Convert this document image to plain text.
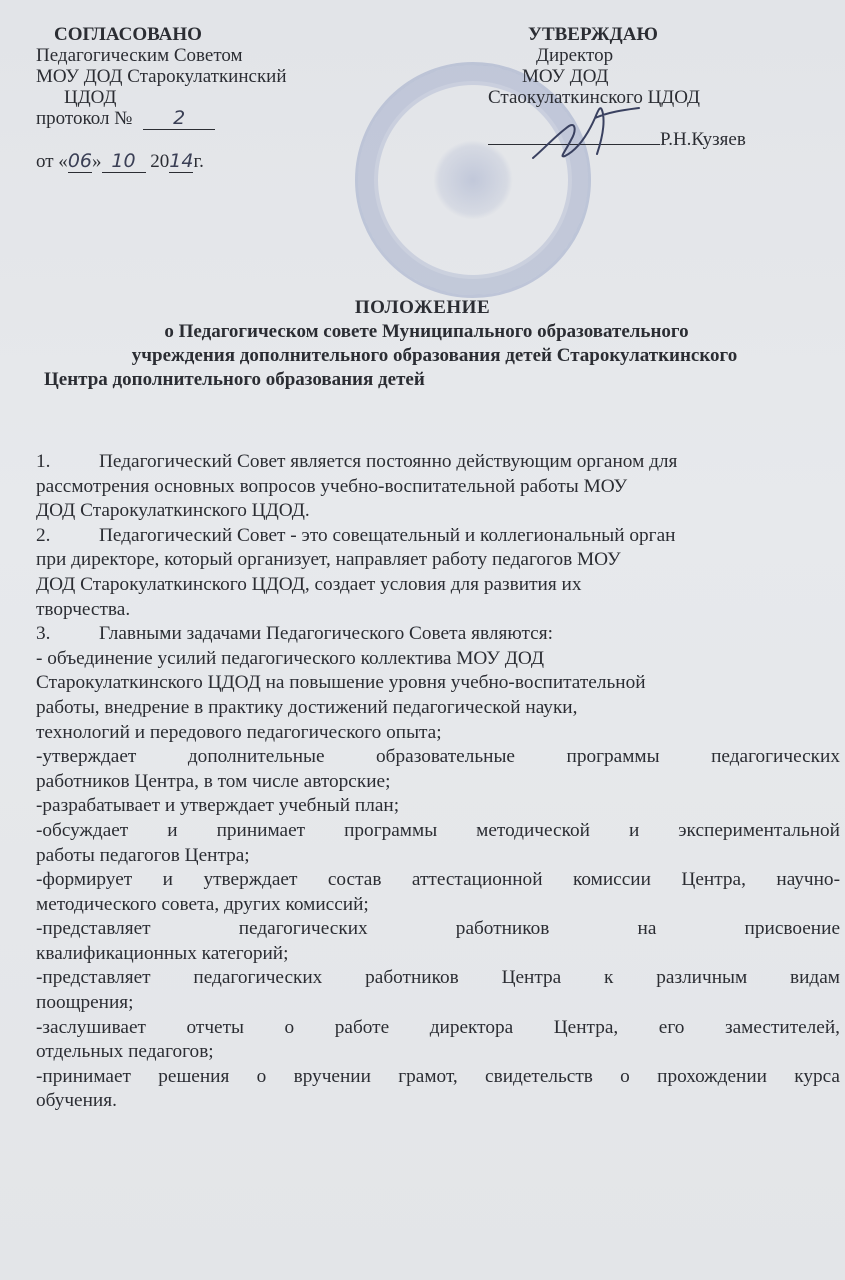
СОГЛАСОВАНО
Педагогическим Советом
МОУ ДОД Старокулаткинский
ЦДОД
протокол № 2
от «06» 10 2014г.
УТВЕРЖДАЮ
Директор
МОУ ДОД
Стаокулаткинского ЦДОД
Р.Н.Кузяев
ПОЛОЖЕНИЕ
о Педагогическом совете Муниципального образовательного
учреждения дополнительного образования детей Старокулаткинского
Центра дополнительного образования детей

1.	Педагогический Совет является постоянно действующим органом для

рассмотрения основных вопросов учебно-воспитательной работы МОУ

ДОД Старокулаткинского ЦДОД.

2.	Педагогический Совет - это совещательный и коллегиональный орган

при директоре, который организует, направляет работу педагогов МОУ

ДОД Старокулаткинского ЦДОД, создает условия для развития их

творчества.

3.	Главными задачами Педагогического Совета являются:

- объединение усилий педагогического коллектива МОУ ДОД

Старокулаткинского ЦДОД на повышение уровня учебно-воспитательной

работы, внедрение в практику достижений педагогической науки,

технологий и передового педагогического опыта;

-утверждает дополнительные образовательные программы педагогических

работников Центра, в том числе авторские;

-разрабатывает и утверждает учебный план;

-обсуждает и принимает программы методической и экспериментальной

работы педагогов Центра;

-формирует и утверждает состав аттестационной комиссии Центра, научно-

методического совета, других комиссий;

-представляет педагогических работников на присвоение

квалификационных категорий;

-представляет педагогических работников Центра к различным видам

поощрения;

-заслушивает отчеты о работе директора Центра, его заместителей,

отдельных педагогов;

-принимает решения о вручении грамот, свидетельств о прохождении курса

обучения.
